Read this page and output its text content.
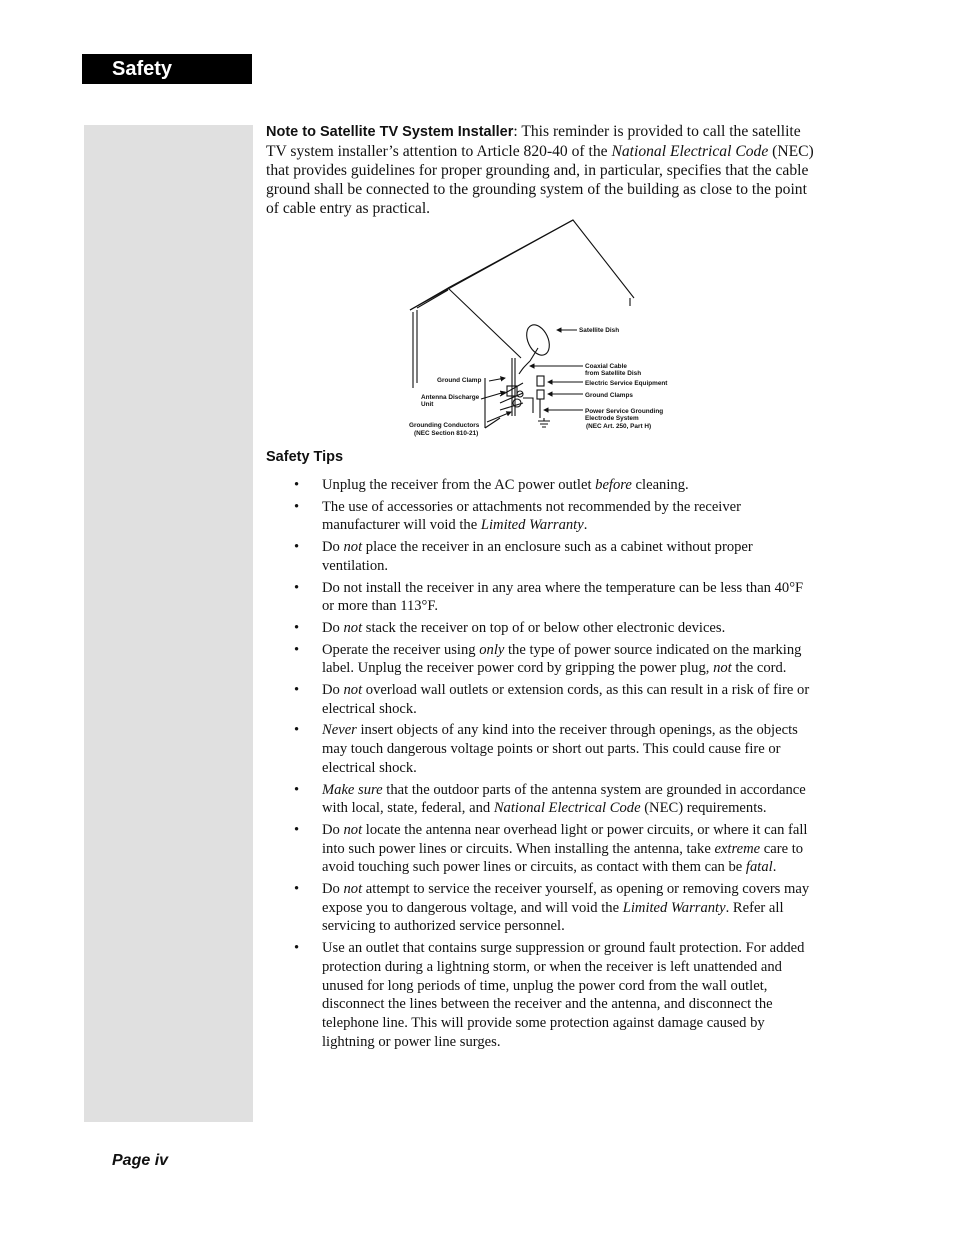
Safety

Note to Satellite TV System Installer: This reminder is provided to call the satellite TV system installer’s attention to Article 820-40 of the National Electrical Code (NEC) that provides guidelines for proper grounding and, in particular, specifies that the cable ground shall be connected to the grounding system of the building as close to the point of cable entry as practical.

Satellite Dish
Coaxial Cable
from Satellite Dish
Electric Service Equipment
Ground Clamps
Power Service Grounding
Electrode System
(NEC Art. 250, Part H)
Ground Clamp
Antenna Discharge
Unit
Grounding Conductors
(NEC Section 810-21)
Safety Tips
• Unplug the receiver from the AC power outlet before cleaning.
• The use of accessories or attachments not recommended by the receiver manufacturer will void the Limited Warranty.
• Do not place the receiver in an enclosure such as a cabinet without proper ventilation.
• Do not install the receiver in any area where the temperature can be less than 40°F or more than 113°F.
• Do not stack the receiver on top of or below other electronic devices.
• Operate the receiver using only the type of power source indicated on the marking label. Unplug the receiver power cord by gripping the power plug, not the cord.
• Do not overload wall outlets or extension cords, as this can result in a risk of fire or electrical shock.
• Never insert objects of any kind into the receiver through openings, as the objects may touch dangerous voltage points or short out parts. This could cause fire or electrical shock.
• Make sure that the outdoor parts of the antenna system are grounded in accordance with local, state, federal, and National Electrical Code (NEC) requirements.
• Do not locate the antenna near overhead light or power circuits, or where it can fall into such power lines or circuits. When installing the antenna, take extreme care to avoid touching such power lines or circuits, as contact with them can be fatal.
• Do not attempt to service the receiver yourself, as opening or removing covers may expose you to dangerous voltage, and will void the Limited Warranty. Refer all servicing to authorized service personnel.
• Use an outlet that contains surge suppression or ground fault protection. For added protection during a lightning storm, or when the receiver is left unattended and unused for long periods of time, unplug the power cord from the wall outlet, disconnect the lines between the receiver and the antenna, and disconnect the telephone line. This will provide some protection against damage caused by lightning or power line surges.
Page iv
